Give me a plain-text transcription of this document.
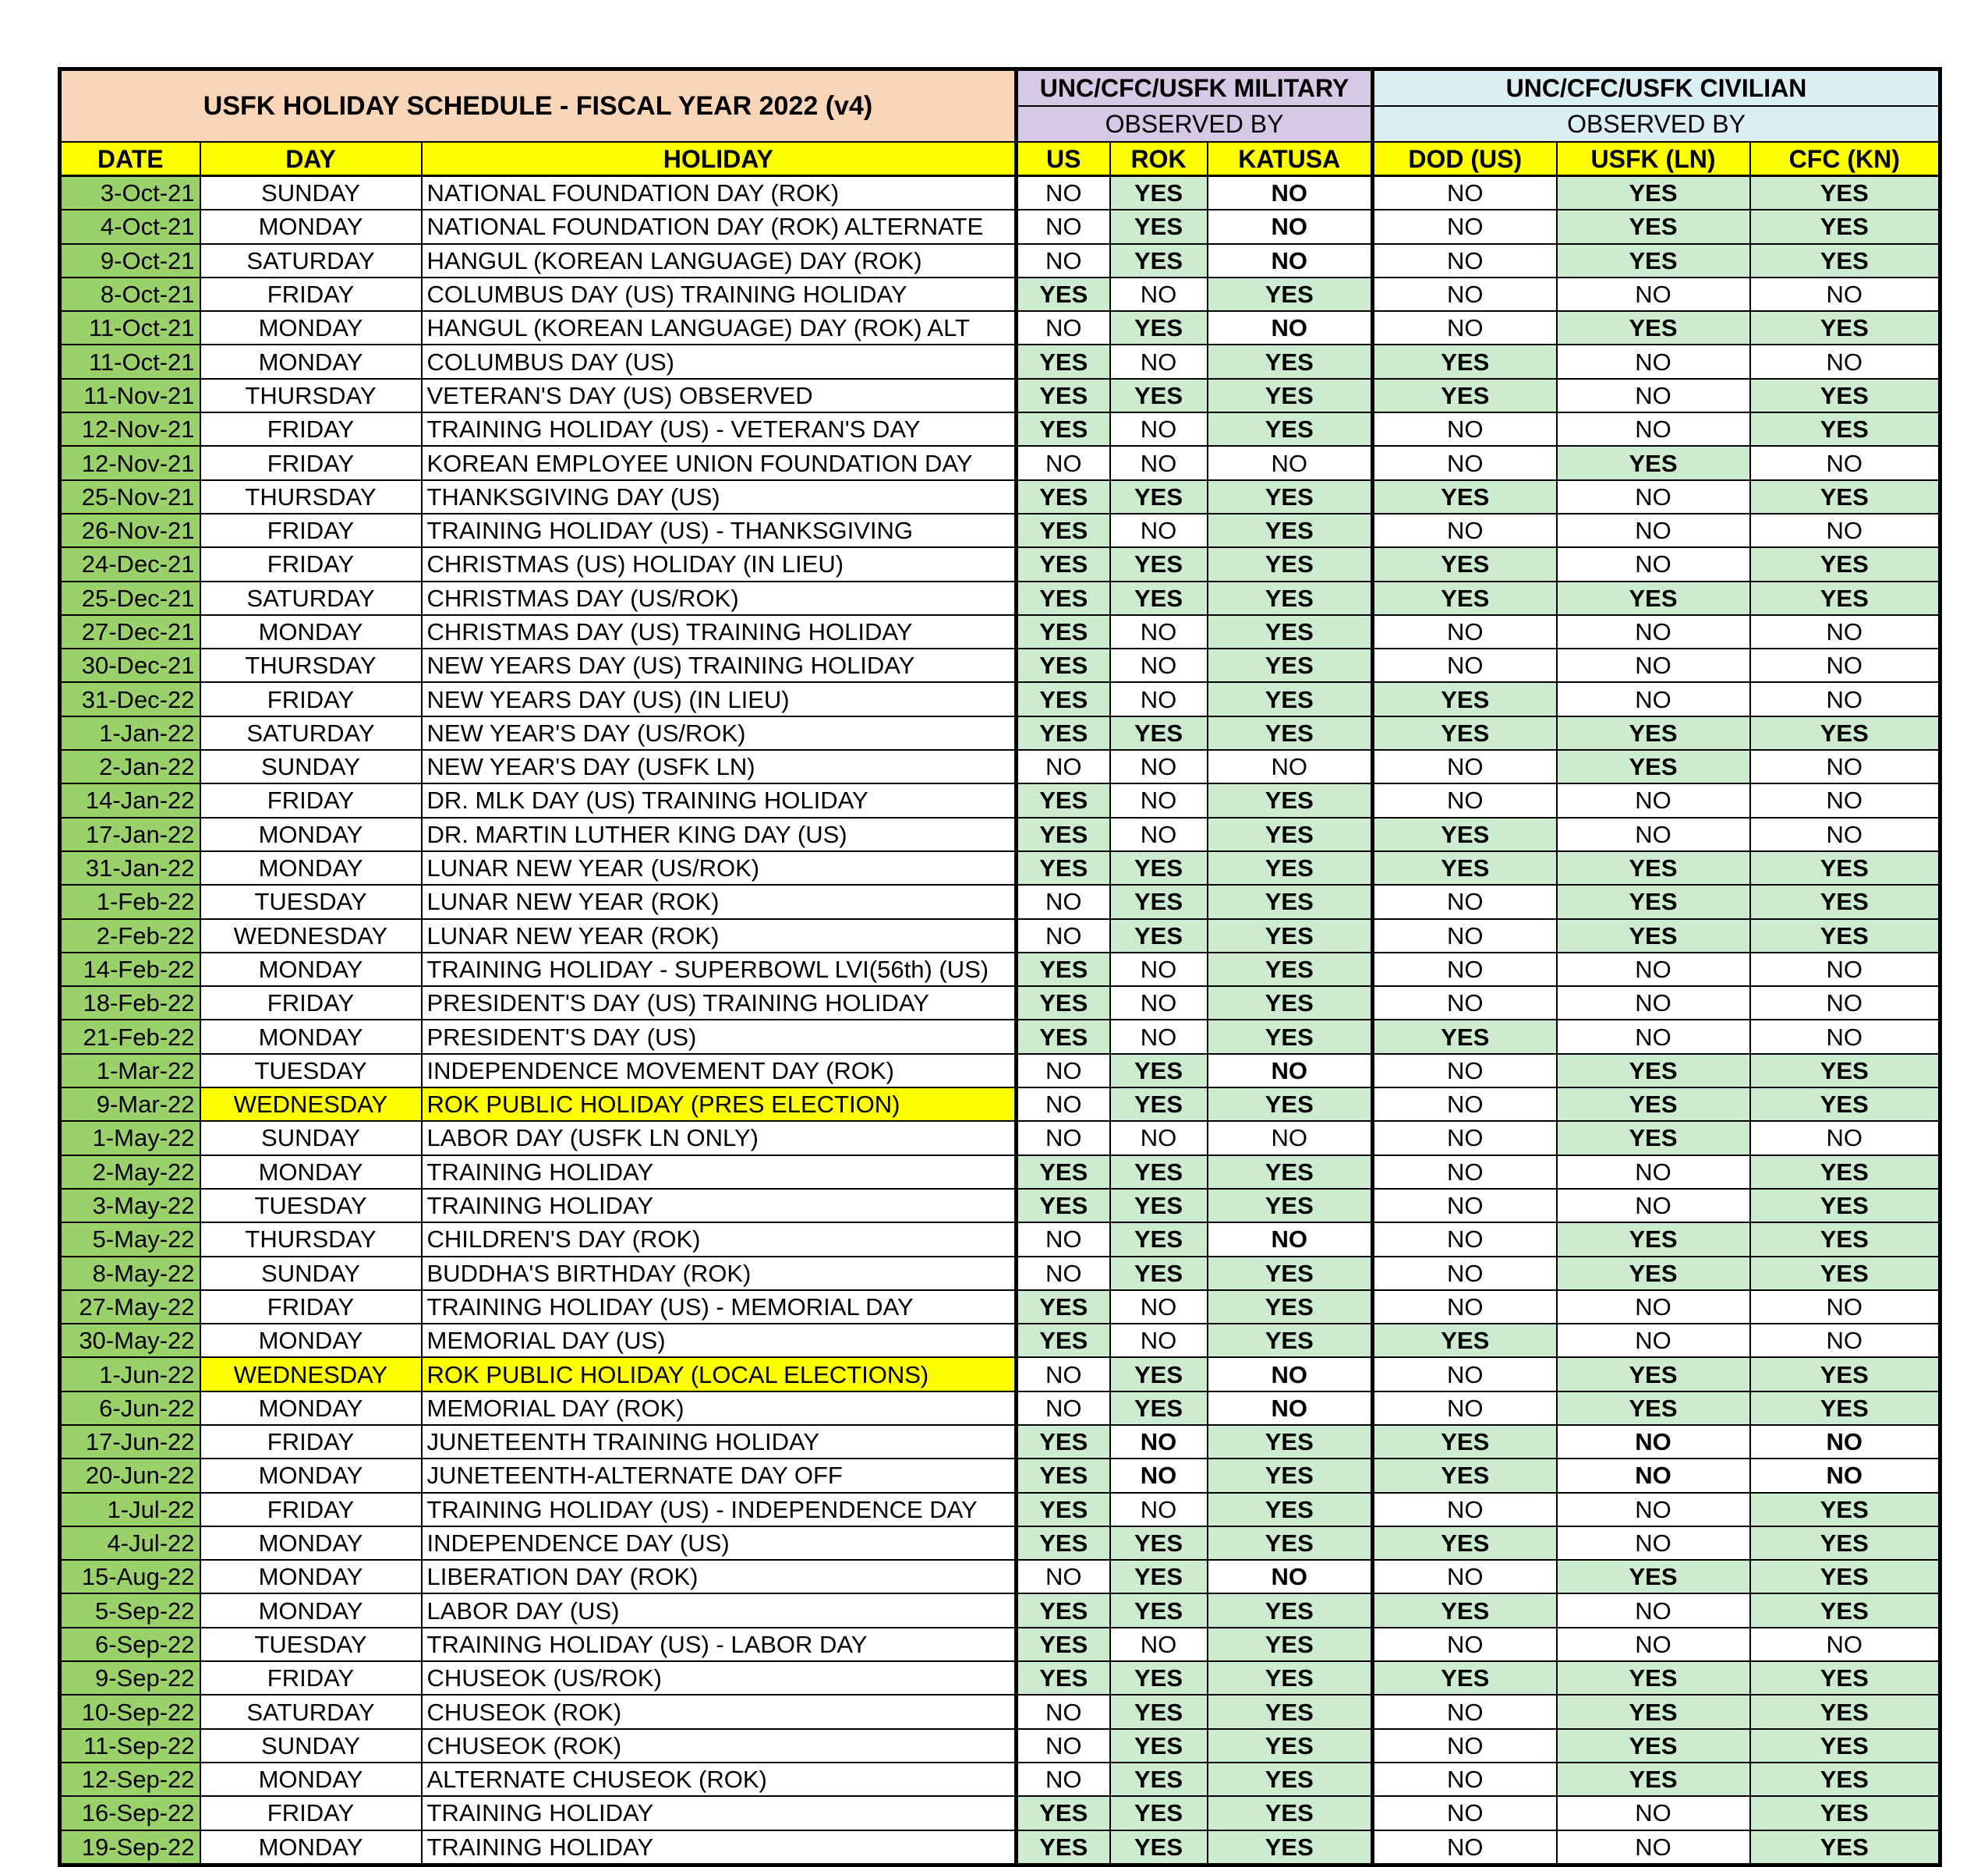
USFK HOLIDAY SCHEDULE - FISCAL YEAR 2022 (v4)			UNC/CFC/USFK MILITARY			UNC/CFC/USFK CIVILIAN		
			OBSERVED BY			OBSERVED BY		
DATE	DAY	HOLIDAY	US	ROK	KATUSA	DOD (US)	USFK (LN)	CFC (KN)
3-Oct-21	SUNDAY	NATIONAL FOUNDATION DAY (ROK)	NO	YES	NO	NO	YES	YES
4-Oct-21	MONDAY	NATIONAL FOUNDATION DAY (ROK) ALTERNATE	NO	YES	NO	NO	YES	YES
9-Oct-21	SATURDAY	HANGUL (KOREAN LANGUAGE) DAY (ROK)	NO	YES	NO	NO	YES	YES
8-Oct-21	FRIDAY	COLUMBUS DAY (US) TRAINING HOLIDAY	YES	NO	YES	NO	NO	NO
11-Oct-21	MONDAY	HANGUL (KOREAN LANGUAGE) DAY (ROK) ALT	NO	YES	NO	NO	YES	YES
11-Oct-21	MONDAY	COLUMBUS DAY (US)	YES	NO	YES	YES	NO	NO
11-Nov-21	THURSDAY	VETERAN'S DAY (US) OBSERVED	YES	YES	YES	YES	NO	YES
12-Nov-21	FRIDAY	TRAINING HOLIDAY (US) - VETERAN'S DAY	YES	NO	YES	NO	NO	YES
12-Nov-21	FRIDAY	KOREAN EMPLOYEE UNION FOUNDATION DAY	NO	NO	NO	NO	YES	NO
25-Nov-21	THURSDAY	THANKSGIVING DAY (US)	YES	YES	YES	YES	NO	YES
26-Nov-21	FRIDAY	TRAINING HOLIDAY (US) - THANKSGIVING	YES	NO	YES	NO	NO	NO
24-Dec-21	FRIDAY	CHRISTMAS (US) HOLIDAY (IN LIEU)	YES	YES	YES	YES	NO	YES
25-Dec-21	SATURDAY	CHRISTMAS DAY (US/ROK)	YES	YES	YES	YES	YES	YES
27-Dec-21	MONDAY	CHRISTMAS DAY (US) TRAINING HOLIDAY	YES	NO	YES	NO	NO	NO
30-Dec-21	THURSDAY	NEW YEARS DAY (US) TRAINING HOLIDAY	YES	NO	YES	NO	NO	NO
31-Dec-22	FRIDAY	NEW YEARS DAY (US) (IN LIEU)	YES	NO	YES	YES	NO	NO
1-Jan-22	SATURDAY	NEW YEAR'S DAY (US/ROK)	YES	YES	YES	YES	YES	YES
2-Jan-22	SUNDAY	NEW YEAR'S DAY (USFK LN)	NO	NO	NO	NO	YES	NO
14-Jan-22	FRIDAY	DR. MLK DAY (US) TRAINING HOLIDAY	YES	NO	YES	NO	NO	NO
17-Jan-22	MONDAY	DR. MARTIN LUTHER KING DAY (US)	YES	NO	YES	YES	NO	NO
31-Jan-22	MONDAY	LUNAR NEW YEAR (US/ROK)	YES	YES	YES	YES	YES	YES
1-Feb-22	TUESDAY	LUNAR NEW YEAR (ROK)	NO	YES	YES	NO	YES	YES
2-Feb-22	WEDNESDAY	LUNAR NEW YEAR (ROK)	NO	YES	YES	NO	YES	YES
14-Feb-22	MONDAY	TRAINING HOLIDAY - SUPERBOWL LVI(56th) (US)	YES	NO	YES	NO	NO	NO
18-Feb-22	FRIDAY	PRESIDENT'S DAY (US) TRAINING HOLIDAY	YES	NO	YES	NO	NO	NO
21-Feb-22	MONDAY	PRESIDENT'S DAY (US)	YES	NO	YES	YES	NO	NO
1-Mar-22	TUESDAY	INDEPENDENCE MOVEMENT DAY (ROK)	NO	YES	NO	NO	YES	YES
9-Mar-22	WEDNESDAY	ROK PUBLIC HOLIDAY (PRES ELECTION)	NO	YES	YES	NO	YES	YES
1-May-22	SUNDAY	LABOR DAY (USFK LN ONLY)	NO	NO	NO	NO	YES	NO
2-May-22	MONDAY	TRAINING HOLIDAY	YES	YES	YES	NO	NO	YES
3-May-22	TUESDAY	TRAINING HOLIDAY	YES	YES	YES	NO	NO	YES
5-May-22	THURSDAY	CHILDREN'S DAY (ROK)	NO	YES	NO	NO	YES	YES
8-May-22	SUNDAY	BUDDHA'S BIRTHDAY (ROK)	NO	YES	YES	NO	YES	YES
27-May-22	FRIDAY	TRAINING HOLIDAY (US) - MEMORIAL DAY	YES	NO	YES	NO	NO	NO
30-May-22	MONDAY	MEMORIAL DAY (US)	YES	NO	YES	YES	NO	NO
1-Jun-22	WEDNESDAY	ROK PUBLIC HOLIDAY (LOCAL ELECTIONS)	NO	YES	NO	NO	YES	YES
6-Jun-22	MONDAY	MEMORIAL DAY (ROK)	NO	YES	NO	NO	YES	YES
17-Jun-22	FRIDAY	JUNETEENTH TRAINING HOLIDAY	YES	NO	YES	YES	NO	NO
20-Jun-22	MONDAY	JUNETEENTH-ALTERNATE DAY OFF	YES	NO	YES	YES	NO	NO
1-Jul-22	FRIDAY	TRAINING HOLIDAY (US) - INDEPENDENCE DAY	YES	NO	YES	NO	NO	YES
4-Jul-22	MONDAY	INDEPENDENCE DAY (US)	YES	YES	YES	YES	NO	YES
15-Aug-22	MONDAY	LIBERATION DAY (ROK)	NO	YES	NO	NO	YES	YES
5-Sep-22	MONDAY	LABOR DAY (US)	YES	YES	YES	YES	NO	YES
6-Sep-22	TUESDAY	TRAINING HOLIDAY (US) - LABOR DAY	YES	NO	YES	NO	NO	NO
9-Sep-22	FRIDAY	CHUSEOK (US/ROK)	YES	YES	YES	YES	YES	YES
10-Sep-22	SATURDAY	CHUSEOK (ROK)	NO	YES	YES	NO	YES	YES
11-Sep-22	SUNDAY	CHUSEOK (ROK)	NO	YES	YES	NO	YES	YES
12-Sep-22	MONDAY	ALTERNATE CHUSEOK (ROK)	NO	YES	YES	NO	YES	YES
16-Sep-22	FRIDAY	TRAINING HOLIDAY	YES	YES	YES	NO	NO	YES
19-Sep-22	MONDAY	TRAINING HOLIDAY	YES	YES	YES	NO	NO	YES
